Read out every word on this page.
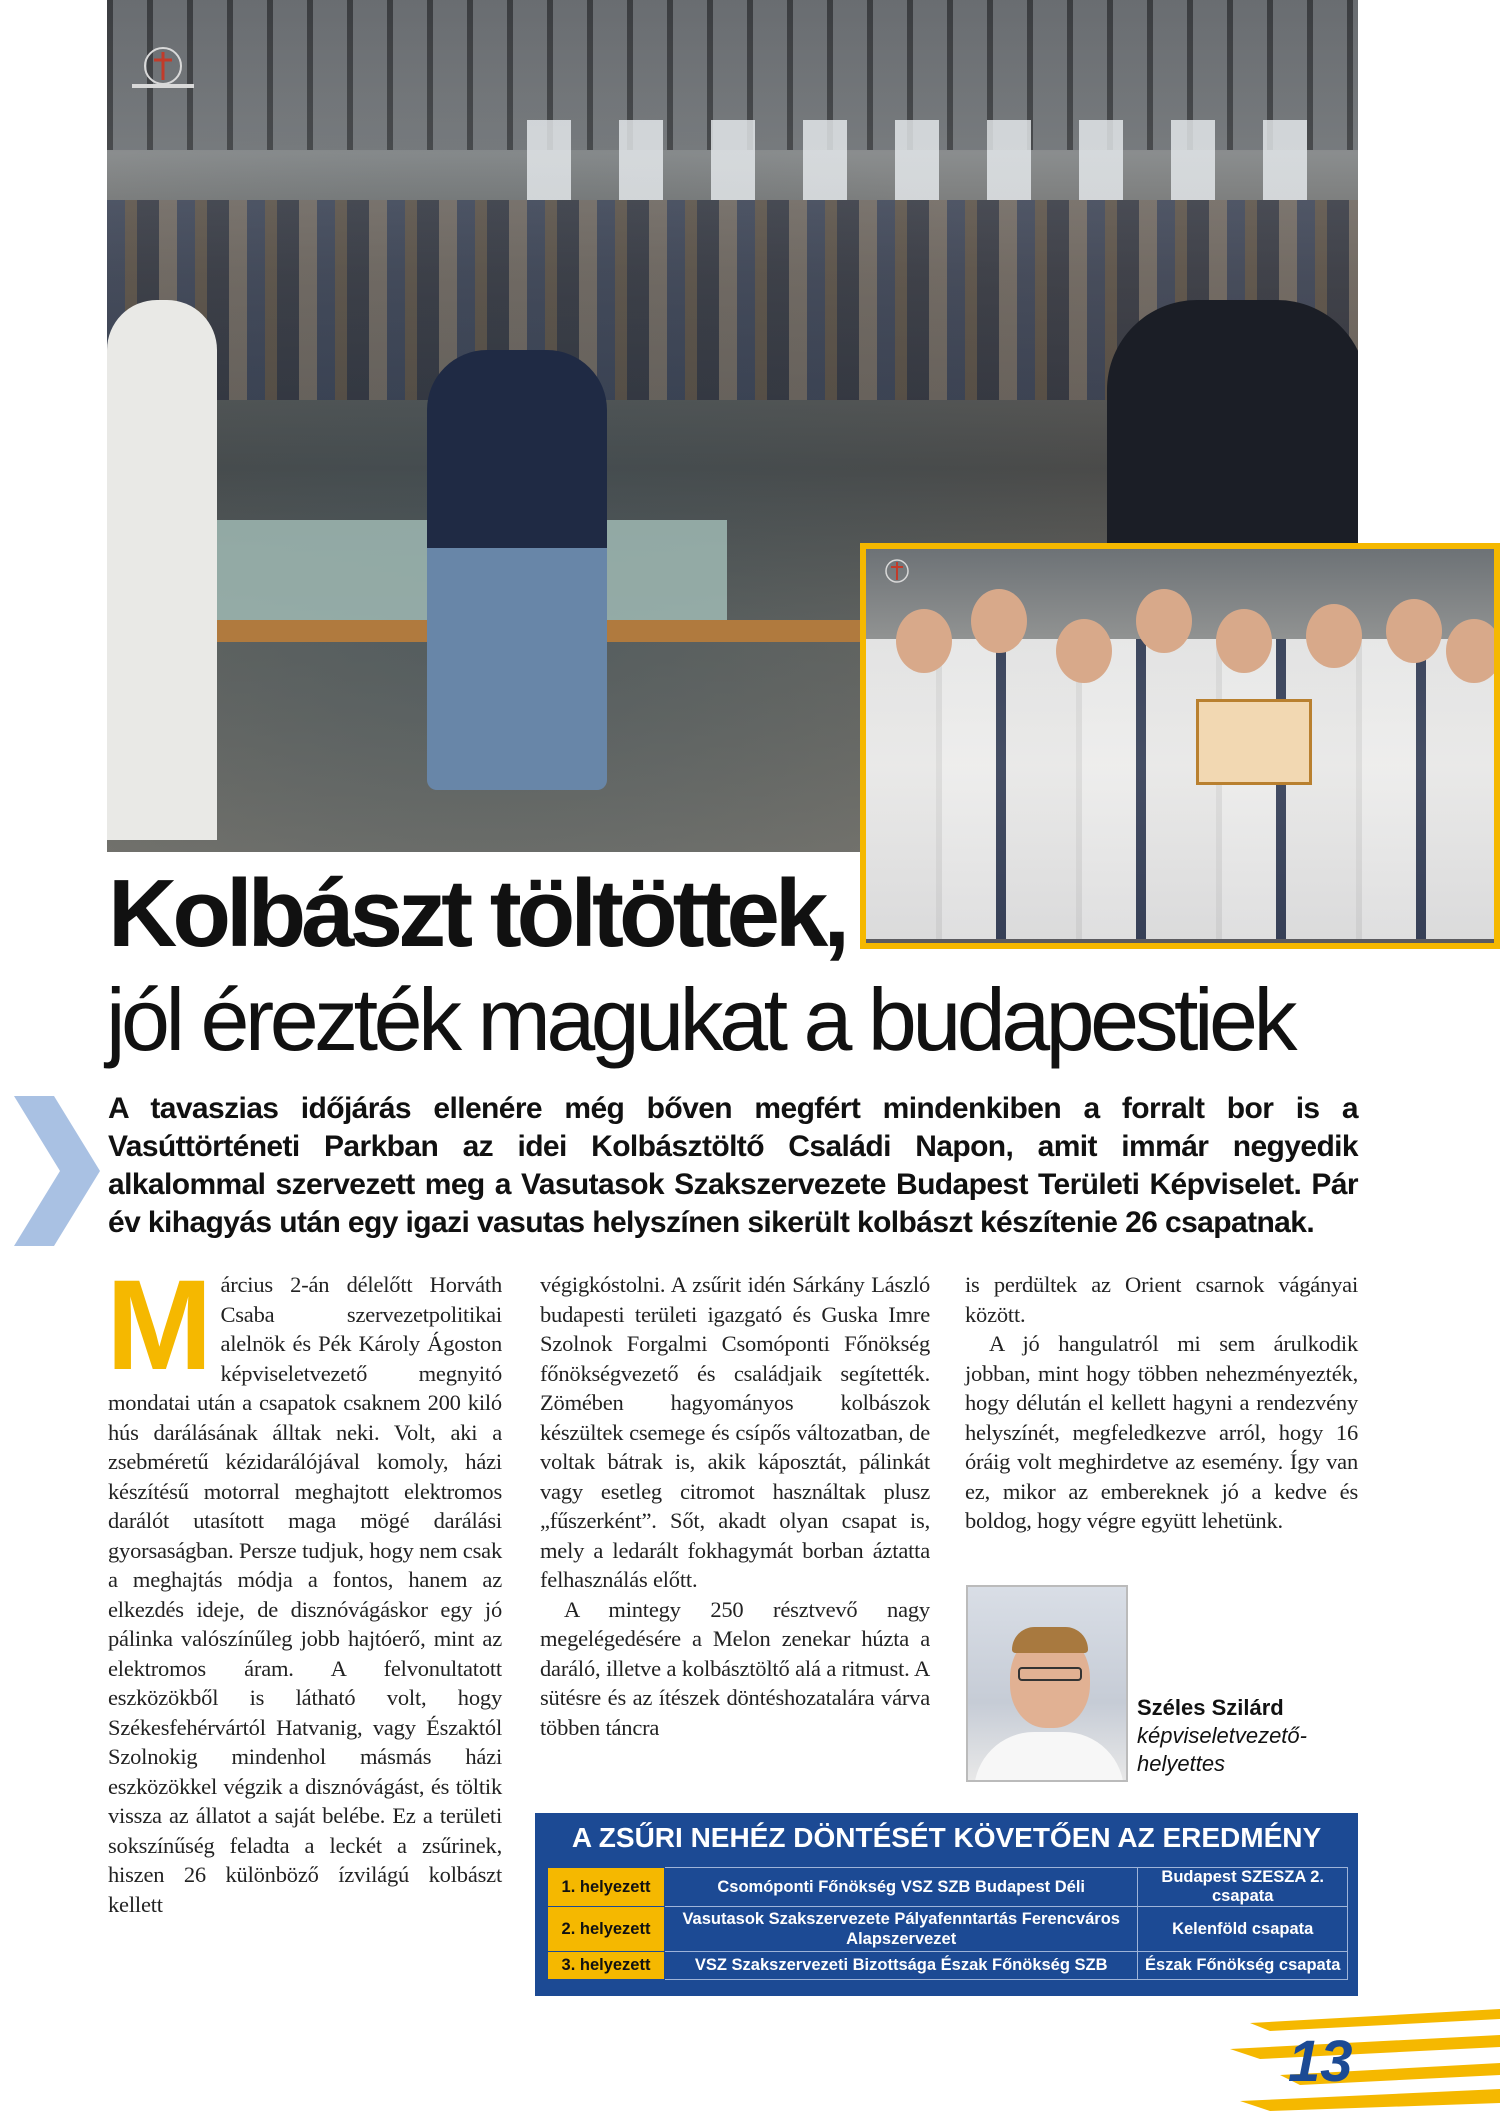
Kolbászt töltöttek,
jól érezték magukat a budapestiek
A tavaszias időjárás ellenére még bőven megfért mindenkiben a forralt bor is a Vasúttörténeti Parkban az idei Kolbásztöltő Családi Napon, amit immár negyedik alkalommal szervezett meg a Vasutasok Szakszervezete Budapest Területi Képviselet. Pár év kihagyás után egy igazi vasutas helyszínen sikerült kolbászt készítenie 26 csapatnak.
M árcius 2-án délelőtt Horváth Csaba szervezetpolitikai alelnök és Pék Károly Ágoston képviseletvezető megnyitó mondatai után a csapatok csaknem 200 kiló hús darálásának álltak neki. Volt, aki a zsebméretű kézidarálójával komoly, házi készítésű motorral meghajtott elektromos darálót utasított maga mögé darálási gyorsaságban. Persze tudjuk, hogy nem csak a meghajtás módja a fontos, hanem az elkezdés ideje, de disznóvágáskor egy jó pálinka valószínűleg jobb hajtóerő, mint az elektromos áram. A felvonultatott eszközökből is látható volt, hogy Székesfehérvártól Hatvanig, vagy Északtól Szolnokig mindenhol másmás házi eszközökkel végzik a disznóvágást, és töltik vissza az állatot a saját belébe. Ez a területi sokszínűség feladta a leckét a zsűrinek, hiszen 26 különböző ízvilágú kolbászt kellett

végigkóstolni. A zsűrit idén Sárkány László budapesti területi igazgató és Guska Imre Szolnok Forgalmi Csomóponti Főnökség főnökségvezető és családjaik segítették. Zömében hagyományos kolbászok készültek csemege és csípős változatban, de voltak bátrak is, akik káposztát, pálinkát vagy esetleg citromot használtak plusz „fűszerként”. Sőt, akadt olyan csapat is, mely a ledarált fokhagymát borban áztatta felhasználás előtt.

A mintegy 250 résztvevő nagy megelégedésére a Melon zenekar húzta a daráló, illetve a kolbásztöltő alá a ritmust. A sütésre és az ítészek döntéshozatalára várva többen táncra

is perdültek az Orient csarnok vágányai között.

A jó hangulatról mi sem árulkodik jobban, mint hogy többen nehezményezték, hogy délután el kellett hagyni a rendezvény helyszínét, megfeledkezve arról, hogy 16 óráig volt meghirdetve az esemény. Így van ez, mikor az embereknek jó a kedve és boldog, hogy végre együtt lehetünk.

Széles Szilárd
képviseletvezető-helyettes
A ZSŰRI NEHÉZ DÖNTÉSÉT KÖVETŐEN AZ EREDMÉNY
1. helyezett	Csomóponti Főnökség VSZ SZB Budapest Déli	Budapest SZESZA 2. csapata
2. helyezett	Vasutasok Szakszervezete Pályafenntartás Ferencváros Alapszervezet	Kelenföld csapata
3. helyezett	VSZ Szakszervezeti Bizottsága Észak Főnökség SZB	Észak Főnökség csapata
13
